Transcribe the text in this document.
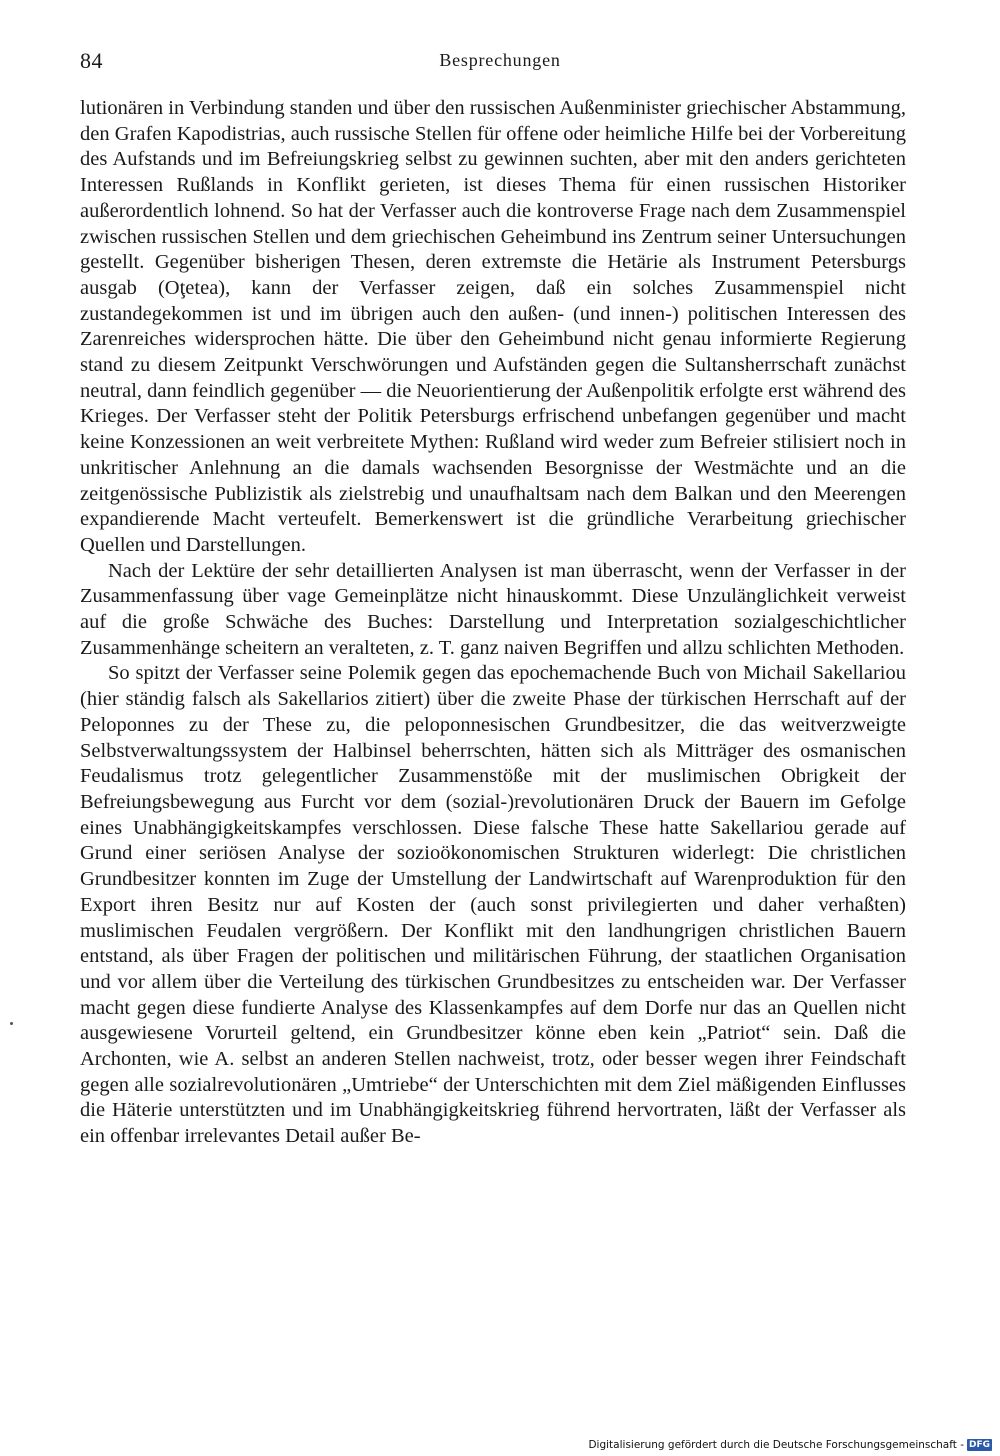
84	Besprechungen

lutionären in Verbindung standen und über den russischen Außenminister griechischer Abstammung, den Grafen Kapodistrias, auch russische Stellen für offene oder heimliche Hilfe bei der Vorbereitung des Aufstands und im Befreiungskrieg selbst zu gewinnen suchten, aber mit den anders gerichteten Interessen Rußlands in Konflikt gerieten, ist dieses Thema für einen russischen Historiker außerordentlich lohnend. So hat der Verfasser auch die kontroverse Frage nach dem Zusammenspiel zwischen russischen Stellen und dem griechischen Geheimbund ins Zentrum seiner Untersuchungen gestellt. Gegenüber bisherigen Thesen, deren extremste die Hetärie als Instrument Petersburgs ausgab (Oţetea), kann der Verfasser zeigen, daß ein solches Zusammenspiel nicht zustandegekommen ist und im übrigen auch den außen- (und innen-) politischen Interessen des Zarenreiches widersprochen hätte. Die über den Geheimbund nicht genau informierte Regierung stand zu diesem Zeitpunkt Verschwörungen und Aufständen gegen die Sultansherrschaft zunächst neutral, dann feindlich gegenüber — die Neuorientierung der Außenpolitik erfolgte erst während des Krieges. Der Verfasser steht der Politik Petersburgs erfrischend unbefangen gegenüber und macht keine Konzessionen an weit verbreitete Mythen: Rußland wird weder zum Befreier stilisiert noch in unkritischer Anlehnung an die damals wachsenden Besorgnisse der Westmächte und an die zeitgenössische Publizistik als zielstrebig und unaufhaltsam nach dem Balkan und den Meerengen expandierende Macht verteufelt. Bemerkenswert ist die gründliche Verarbeitung griechischer Quellen und Darstellungen.

Nach der Lektüre der sehr detaillierten Analysen ist man überrascht, wenn der Verfasser in der Zusammenfassung über vage Gemeinplätze nicht hinauskommt. Diese Unzulänglichkeit verweist auf die große Schwäche des Buches: Darstellung und Interpretation sozialgeschichtlicher Zusammenhänge scheitern an veralteten, z. T. ganz naiven Begriffen und allzu schlichten Methoden.

So spitzt der Verfasser seine Polemik gegen das epochemachende Buch von Michail Sakellariou (hier ständig falsch als Sakellarios zitiert) über die zweite Phase der türkischen Herrschaft auf der Peloponnes zu der These zu, die peloponnesischen Grundbesitzer, die das weitverzweigte Selbstverwaltungssystem der Halbinsel beherrschten, hätten sich als Mitträger des osmanischen Feudalismus trotz gelegentlicher Zusammenstöße mit der muslimischen Obrigkeit der Befreiungsbewegung aus Furcht vor dem (sozial-)revolutionären Druck der Bauern im Gefolge eines Unabhängigkeitskampfes verschlossen. Diese falsche These hatte Sakellariou gerade auf Grund einer seriösen Analyse der sozioökonomischen Strukturen widerlegt: Die christlichen Grundbesitzer konnten im Zuge der Umstellung der Landwirtschaft auf Warenproduktion für den Export ihren Besitz nur auf Kosten der (auch sonst privilegierten und daher verhaßten) muslimischen Feudalen vergrößern. Der Konflikt mit den landhungrigen christlichen Bauern entstand, als über Fragen der politischen und militärischen Führung, der staatlichen Organisation und vor allem über die Verteilung des türkischen Grundbesitzes zu entscheiden war. Der Verfasser macht gegen diese fundierte Analyse des Klassenkampfes auf dem Dorfe nur das an Quellen nicht ausgewiesene Vorurteil geltend, ein Grundbesitzer könne eben kein „Patriot“ sein. Daß die Archonten, wie A. selbst an anderen Stellen nachweist, trotz, oder besser wegen ihrer Feindschaft gegen alle sozialrevolutionären „Umtriebe“ der Unterschichten mit dem Ziel mäßigenden Einflusses die Häterie unterstützten und im Unabhängigkeitskrieg führend hervortraten, läßt der Verfasser als ein offenbar irrelevantes Detail außer Be-

Digitalisierung gefördert durch die Deutsche Forschungsgemeinschaft - DFG
